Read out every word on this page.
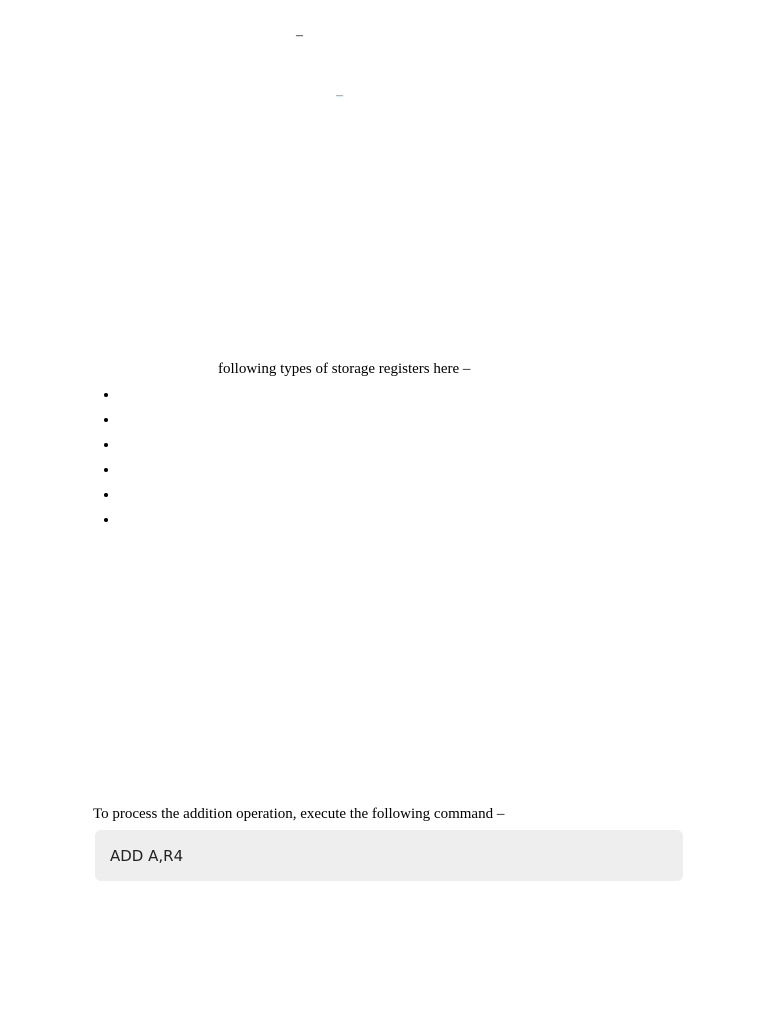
–
–

following types of storage registers here –

To process the addition operation, execute the following command –

ADD A,R4
